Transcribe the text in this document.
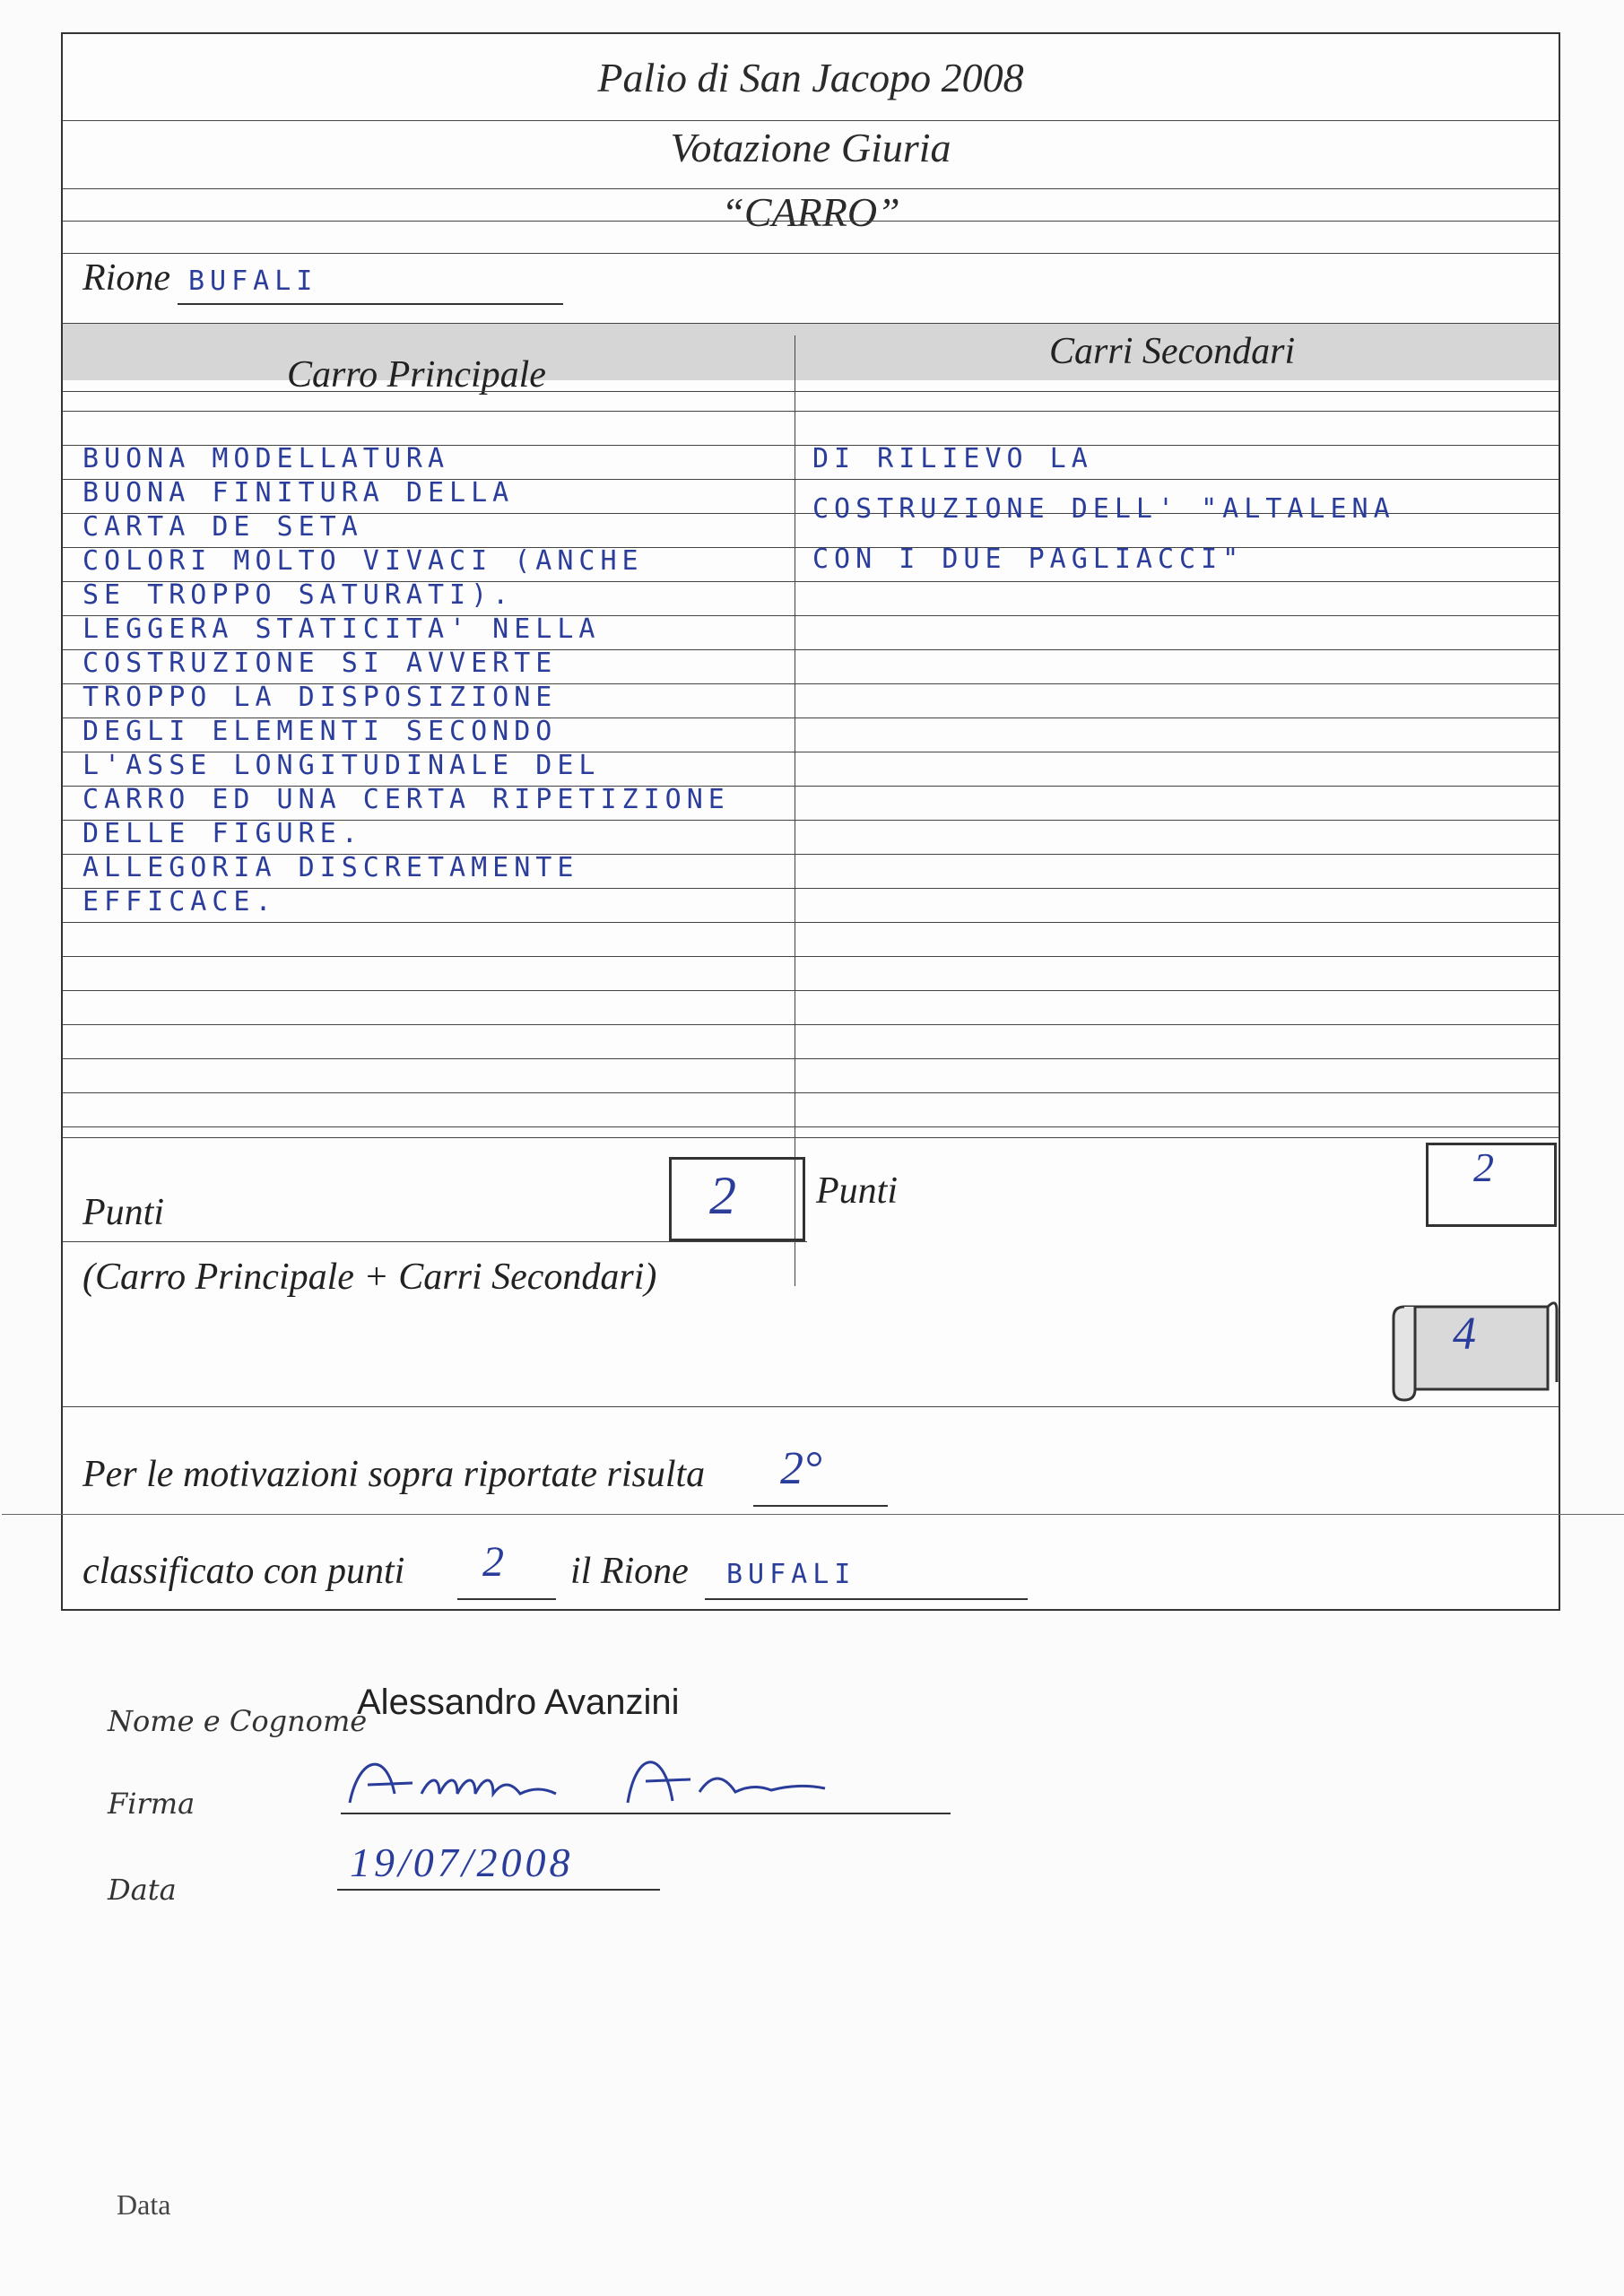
Palio di San Jacopo 2008
Votazione Giuria
“CARRO”
Rione BUFALI
Carro Principale
Carri Secondari
BUONA MODELLATURA
BUONA FINITURA DELLA
CARTA DE SETA
COLORI MOLTO VIVACI (ANCHE
SE TROPPO SATURATI).
LEGGERA STATICITA' NELLA
COSTRUZIONE SI AVVERTE
TROPPO LA DISPOSIZIONE
DEGLI ELEMENTI SECONDO
L'ASSE LONGITUDINALE DEL
CARRO ED UNA CERTA RIPETIZIONE
DELLE FIGURE.
ALLEGORIA DISCRETAMENTE
EFFICACE.
DI RILIEVO LA
COSTRUZIONE DELL' "ALTALENA
CON I DUE PAGLIACCI"
Punti	2 Punti
2
(Carro Principale + Carri Secondari)
4
Per le motivazioni sopra riportate risulta 2°
classificato con punti 2 il Rione BUFALI
Nome e Cognome
Alessandro Avanzini
Firma
Data
19/07/2008
Data
